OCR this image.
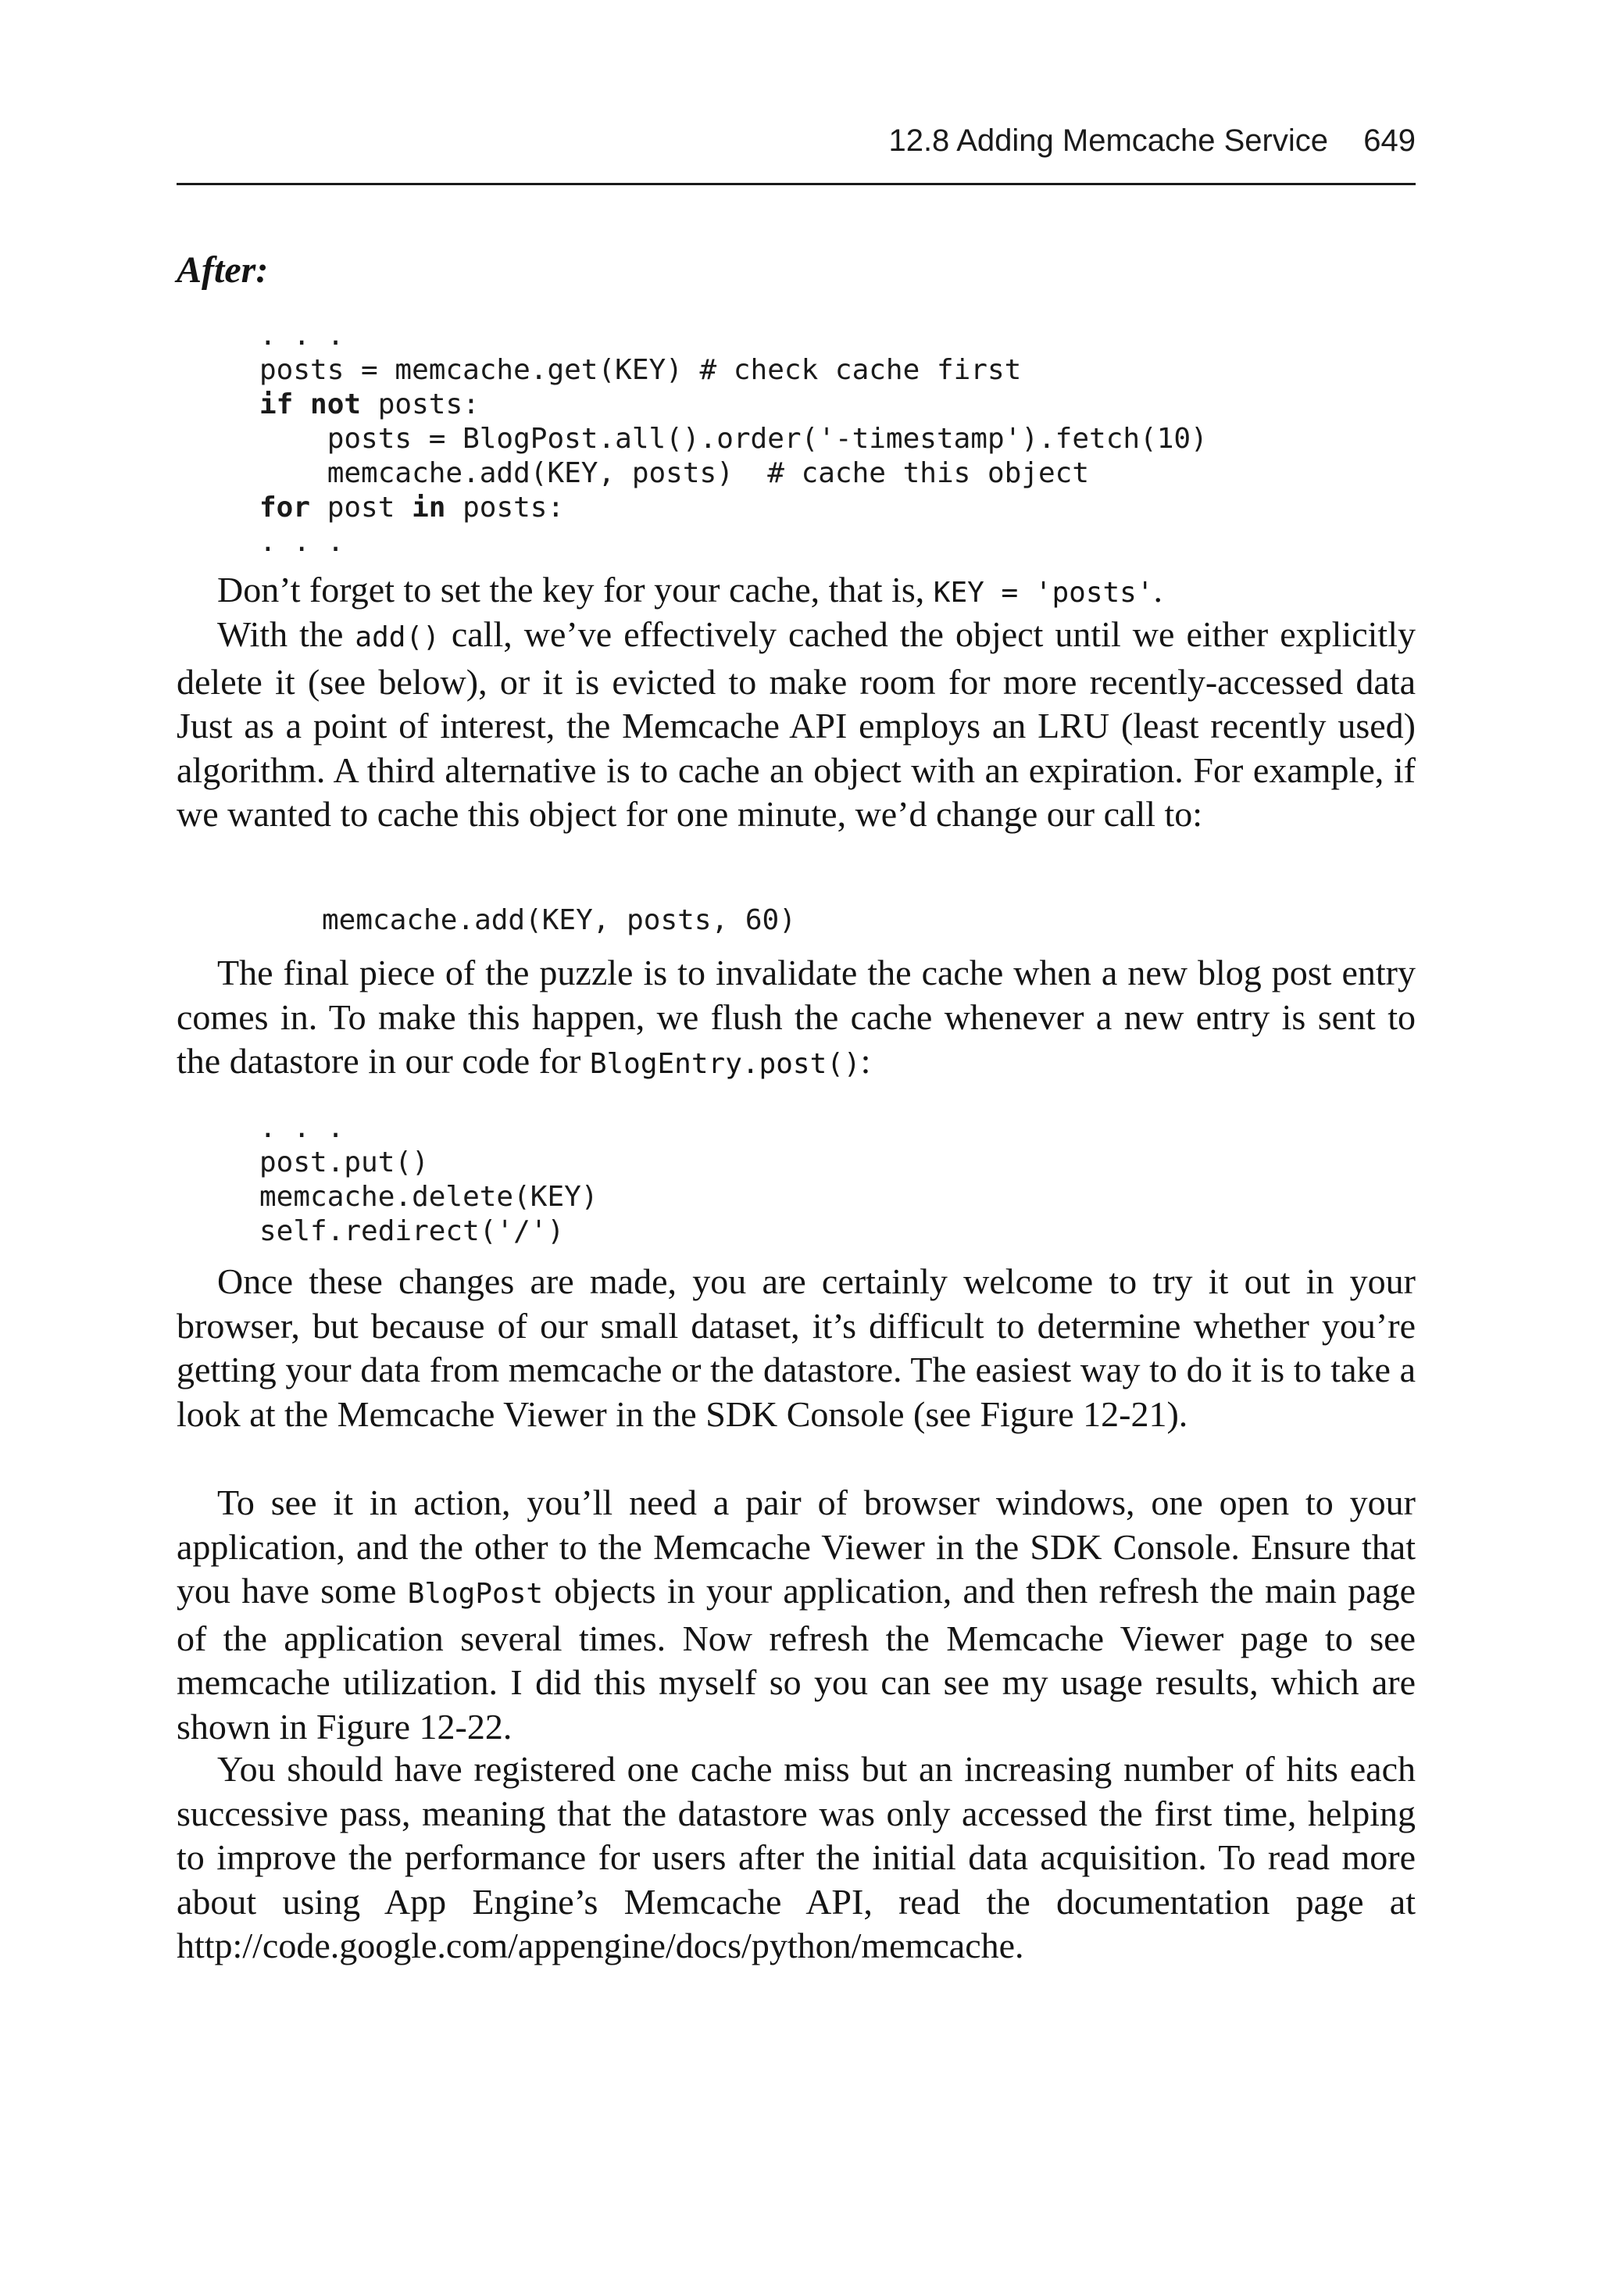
12.8 Adding Memcache Service 649
After:
. . .
posts = memcache.get(KEY) # check cache first
if not posts:
posts = BlogPost.all().order('-timestamp').fetch(10)
memcache.add(KEY, posts)  # cache this object
for post in posts:
. . .

Don’t forget to set the key for your cache, that is, KEY = 'posts'.

With the add() call, we’ve effectively cached the object until we either explicitly delete it (see below), or it is evicted to make room for more recently-accessed data Just as a point of interest, the Memcache API employs an LRU (least recently used) algorithm. A third alternative is to cache an object with an expiration. For example, if we wanted to cache this object for one minute, we’d change our call to:

memcache.add(KEY, posts, 60)

The final piece of the puzzle is to invalidate the cache when a new blog post entry comes in. To make this happen, we flush the cache whenever a new entry is sent to the datastore in our code for BlogEntry.post():

. . .
post.put()
memcache.delete(KEY)
self.redirect('/')

Once these changes are made, you are certainly welcome to try it out in your browser, but because of our small dataset, it’s difficult to determine whether you’re getting your data from memcache or the datastore. The easiest way to do it is to take a look at the Memcache Viewer in the SDK Console (see Figure 12-21).

To see it in action, you’ll need a pair of browser windows, one open to your application, and the other to the Memcache Viewer in the SDK Console. Ensure that you have some BlogPost objects in your application, and then refresh the main page of the application several times. Now refresh the Memcache Viewer page to see memcache utilization. I did this myself so you can see my usage results, which are shown in Figure 12-22.

You should have registered one cache miss but an increasing number of hits each successive pass, meaning that the datastore was only accessed the first time, helping to improve the performance for users after the initial data acquisition. To read more about using App Engine’s Memcache API, read the documentation page at http://code.google.com/appengine/docs/​python/memcache.
